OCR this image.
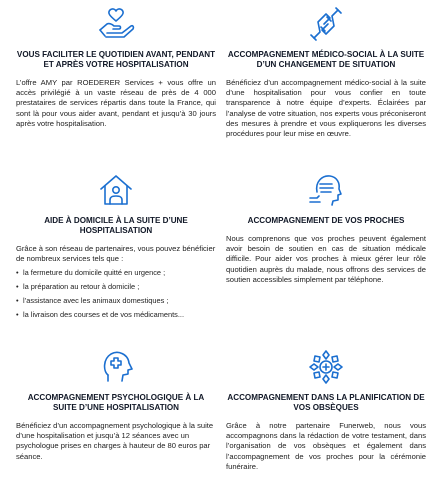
VOUS FACILITER LE QUOTIDIEN AVANT, PENDANT ET APRÈS VOTRE HOSPITALISATION
L’offre AMY par ROEDERER Services + vous offre un accès privilégié à un vaste réseau de près de 4 000 prestataires de services répartis dans toute la France, qui sont là pour vous aider avant, pendant et jusqu’à 30 jours après votre hospitalisation.
ACCOMPAGNEMENT MÉDICO-SOCIAL À LA SUITE D’UN CHANGEMENT DE SITUATION
Bénéficiez d’un accompagnement médico-social à la suite d’une hospitalisation pour vous confier en toute transparence à notre équipe d’experts. Éclairées par l’analyse de votre situation, nos experts vous préconiseront des mesures à prendre et vous expliquerons les diverses procédures pour leur mise en œuvre.
AIDE À DOMICILE À LA SUITE D’UNE HOSPITALISATION
Grâce à son réseau de partenaires, vous pouvez bénéficier de nombreux services tels que :
• la fermeture du domicile quitté en urgence ;
• la préparation au retour à domicile ;
• l’assistance avec les animaux domestiques ;
• la livraison des courses et de vos médicaments...
ACCOMPAGNEMENT DE VOS PROCHES
Nous comprenons que vos proches peuvent également avoir besoin de soutien en cas de situation médicale difficile. Pour aider vos proches à mieux gérer leur rôle quotidien auprès du malade, nous offrons des services de soutien accessibles simplement par téléphone.
ACCOMPAGNEMENT PSYCHOLOGIQUE À LA SUITE D’UNE HOSPITALISATION
Bénéficiez d’un accompagnement psychologique à la suite d’une hospitalisation et jusqu’à 12 séances avec un psychologue prises en charges à hauteur de 80 euros par séance.
ACCOMPAGNEMENT DANS LA PLANIFICATION DE VOS OBSÈQUES
Grâce à notre partenaire Funerweb, nous vous accompagnons dans la rédaction de votre testament, dans l’organisation de vos obsèques et également dans l’accompagnement de vos proches pour la cérémonie funéraire.
